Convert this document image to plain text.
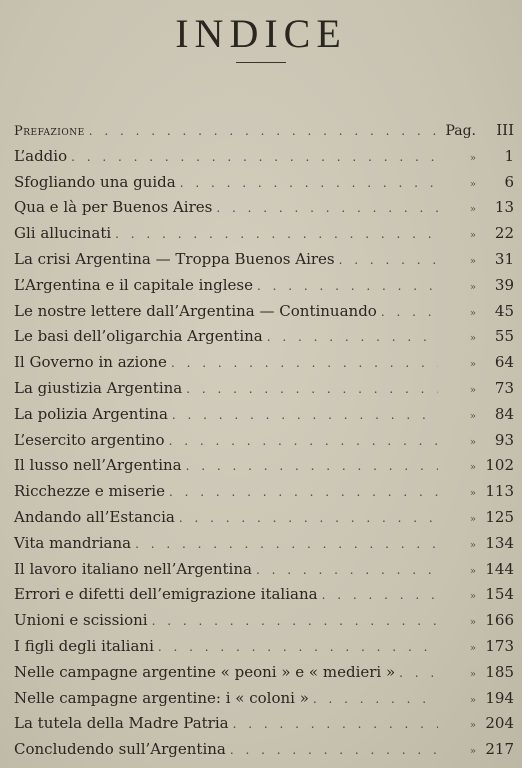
INDICE
Prefazione . . .	Pag.	III
L’addio . . .	»	1
Sfogliando una guida . . .	»	6
Qua e là per Buenos Aires . . .	»	13
Gli allucinati . . .	»	22
La crisi Argentina — Troppa Buenos Aires . . .	»	31
L’Argentina e il capitale inglese . . .	»	39
Le nostre lettere dall’Argentina — Continuando . . .	»	45
Le basi dell’oligarchia Argentina . . .	»	55
Il Governo in azione . . .	»	64
La giustizia Argentina . . .	»	73
La polizia Argentina . . .	»	84
L’esercito argentino . . .	»	93
Il lusso nell’Argentina . . .	» 102
Ricchezze e miserie . . .	» 113
Andando all’Estancia . . .	» 125
Vita mandriana . . .	» 134
Il lavoro italiano nell’Argentina . . .	» 144
Errori e difetti dell’emigrazione italiana . . .	» 154
Unioni e scissioni . . .	» 166
I figli degli italiani . . .	» 173
Nelle campagne argentine « peoni » e « medieri » . . .	» 185
Nelle campagne argentine: i « coloni » . . .	» 194
La tutela della Madre Patria . . .	» 204
Concludendo sull’Argentina . . .	» 217
